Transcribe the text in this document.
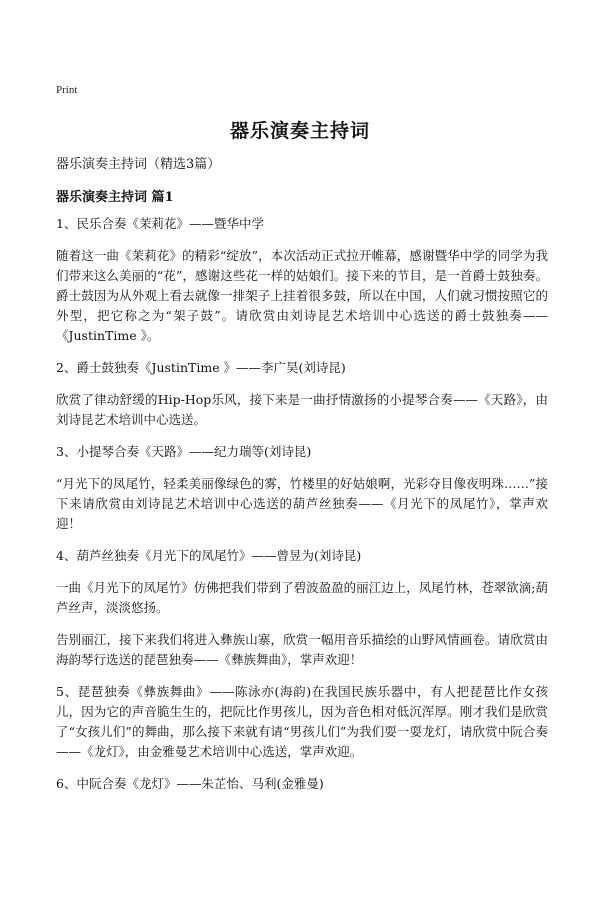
Print
器乐演奏主持词
器乐演奏主持词（精选3篇）
器乐演奏主持词 篇1

1、民乐合奏《茉莉花》——暨华中学

随着这一曲《茉莉花》的精彩“绽放”，本次活动正式拉开帷幕，感谢暨华中学的同学为我们带来这么美丽的“花”，感谢这些花一样的姑娘们。接下来的节目，是一首爵士鼓独奏。爵士鼓因为从外观上看去就像一排架子上挂着很多鼓，所以在中国，人们就习惯按照它的外型，把它称之为“架子鼓”。请欣赏由刘诗昆艺术培训中心选送的爵士鼓独奏——《JustinTime 》。

2、爵士鼓独奏《JustinTime 》——李广昊(刘诗昆)

欣赏了律动舒缓的Hip-Hop乐风，接下来是一曲抒情激扬的小提琴合奏——《天路》，由刘诗昆艺术培训中心选送。

3、小提琴合奏《天路》——纪力瑞等(刘诗昆)

“月光下的凤尾竹，轻柔美丽像绿色的雾，竹楼里的好姑娘啊，光彩夺目像夜明珠……”接下来请欣赏由刘诗昆艺术培训中心选送的葫芦丝独奏——《月光下的凤尾竹》，掌声欢迎！

4、葫芦丝独奏《月光下的凤尾竹》——曾昱为(刘诗昆)

一曲《月光下的凤尾竹》仿佛把我们带到了碧波盈盈的丽江边上，凤尾竹林，苍翠欲滴;葫芦丝声，淡淡悠扬。

告别丽江，接下来我们将进入彝族山寨，欣赏一幅用音乐描绘的山野风情画卷。请欣赏由海韵琴行选送的琵琶独奏——《彝族舞曲》，掌声欢迎！

5、琵琶独奏《彝族舞曲》——陈泳亦(海韵)在我国民族乐器中，有人把琵琶比作女孩儿，因为它的声音脆生生的，把阮比作男孩儿，因为音色相对低沉浑厚。刚才我们是欣赏了“女孩儿们”的舞曲，那么接下来就有请“男孩儿们”为我们耍一耍龙灯，请欣赏中阮合奏——《龙灯》，由金雅曼艺术培训中心选送，掌声欢迎。

6、中阮合奏《龙灯》——朱芷怡、马利(金雅曼)
